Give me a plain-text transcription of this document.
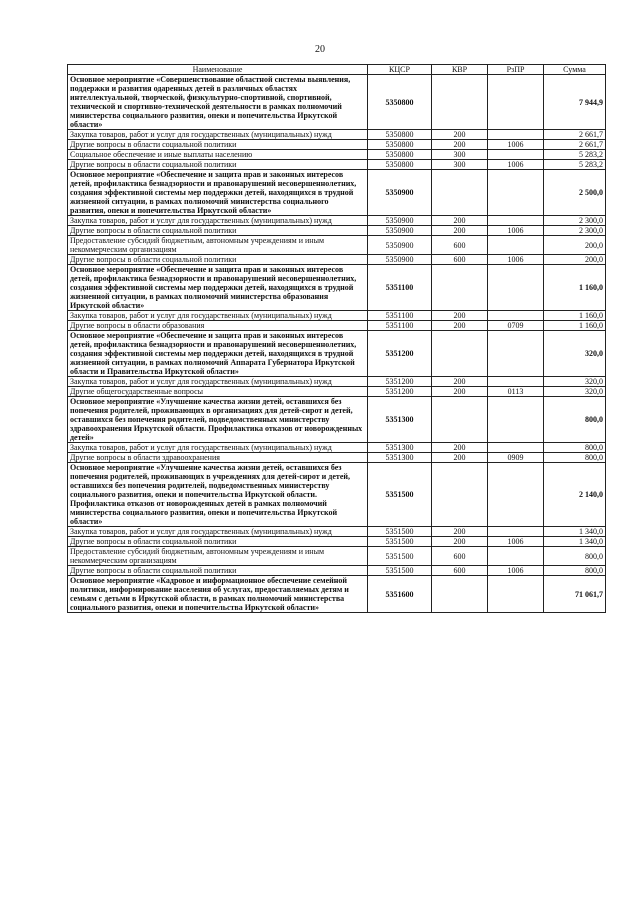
20
Наименование	КЦСР	КВР	РзПР	Сумма
Основное мероприятие «Совершенствование областной системы выявления, поддержки и развития одаренных детей в различных областях интеллектуальной, творческой, физкультурно-спортивной, спортивной, технической и спортивно-технической деятельности в рамках полномочий министерства социального развития, опеки и попечительства Иркутской области»	5350800			7 944,9
Закупка товаров, работ и услуг для государственных (муниципальных) нужд	5350800	200		2 661,7
Другие вопросы в области социальной политики	5350800	200	1006	2 661,7
Социальное обеспечение и иные выплаты населению	5350800	300		5 283,2
Другие вопросы в области социальной политики	5350800	300	1006	5 283,2
Основное мероприятие «Обеспечение и защита прав и законных интересов детей, профилактика безнадзорности и правонарушений несовершеннолетних, создания эффективной системы мер поддержки детей, находящихся в трудной жизненной ситуации, в рамках полномочий министерства социального развития, опеки и попечительства Иркутской области»	5350900			2 500,0
Закупка товаров, работ и услуг для государственных (муниципальных) нужд	5350900	200		2 300,0
Другие вопросы в области социальной политики	5350900	200	1006	2 300,0
Предоставление субсидий бюджетным, автономным учреждениям и иным некоммерческим организациям	5350900	600		200,0
Другие вопросы в области социальной политики	5350900	600	1006	200,0
Основное мероприятие «Обеспечение и защита прав и законных интересов детей, профилактика безнадзорности и правонарушений несовершеннолетних, создания эффективной системы мер поддержки детей, находящихся в трудной жизненной ситуации, в рамках полномочий министерства образования Иркутской области»	5351100			1 160,0
Закупка товаров, работ и услуг для государственных (муниципальных) нужд	5351100	200		1 160,0
Другие вопросы в области образования	5351100	200	0709	1 160,0
Основное мероприятие «Обеспечение и защита прав и законных интересов детей, профилактика безнадзорности и правонарушений несовершеннолетних, создания эффективной системы мер поддержки детей, находящихся в трудной жизненной ситуации, в рамках полномочий Аппарата Губернатора Иркутской области и Правительства Иркутской области»	5351200			320,0
Закупка товаров, работ и услуг для государственных (муниципальных) нужд	5351200	200		320,0
Другие общегосударственные вопросы	5351200	200	0113	320,0
Основное мероприятие «Улучшение качества жизни детей, оставшихся без попечения родителей, проживающих в организациях для детей-сирот и детей, оставшихся без попечения родителей, подведомственных министерству здравоохранения Иркутской области. Профилактика отказов от новорожденных детей»	5351300			800,0
Закупка товаров, работ и услуг для государственных (муниципальных) нужд	5351300	200		800,0
Другие вопросы в области здравоохранения	5351300	200	0909	800,0
Основное мероприятие «Улучшение качества жизни детей, оставшихся без попечения родителей, проживающих в учреждениях для детей-сирот и детей, оставшихся без попечения родителей, подведомственных министерству социального развития, опеки и попечительства Иркутской области. Профилактика отказов от новорожденных детей в рамках полномочий министерства социального развития, опеки и попечительства Иркутской области»	5351500			2 140,0
Закупка товаров, работ и услуг для государственных (муниципальных) нужд	5351500	200		1 340,0
Другие вопросы в области социальной политики	5351500	200	1006	1 340,0
Предоставление субсидий бюджетным, автономным учреждениям и иным некоммерческим организациям	5351500	600		800,0
Другие вопросы в области социальной политики	5351500	600	1006	800,0
Основное мероприятие «Кадровое и информационное обеспечение семейной политики, информирование населения об услугах, предоставляемых детям и семьям с детьми в Иркутской области, в рамках полномочий министерства социального развития, опеки и попечительства Иркутской области»	5351600			71 061,7
